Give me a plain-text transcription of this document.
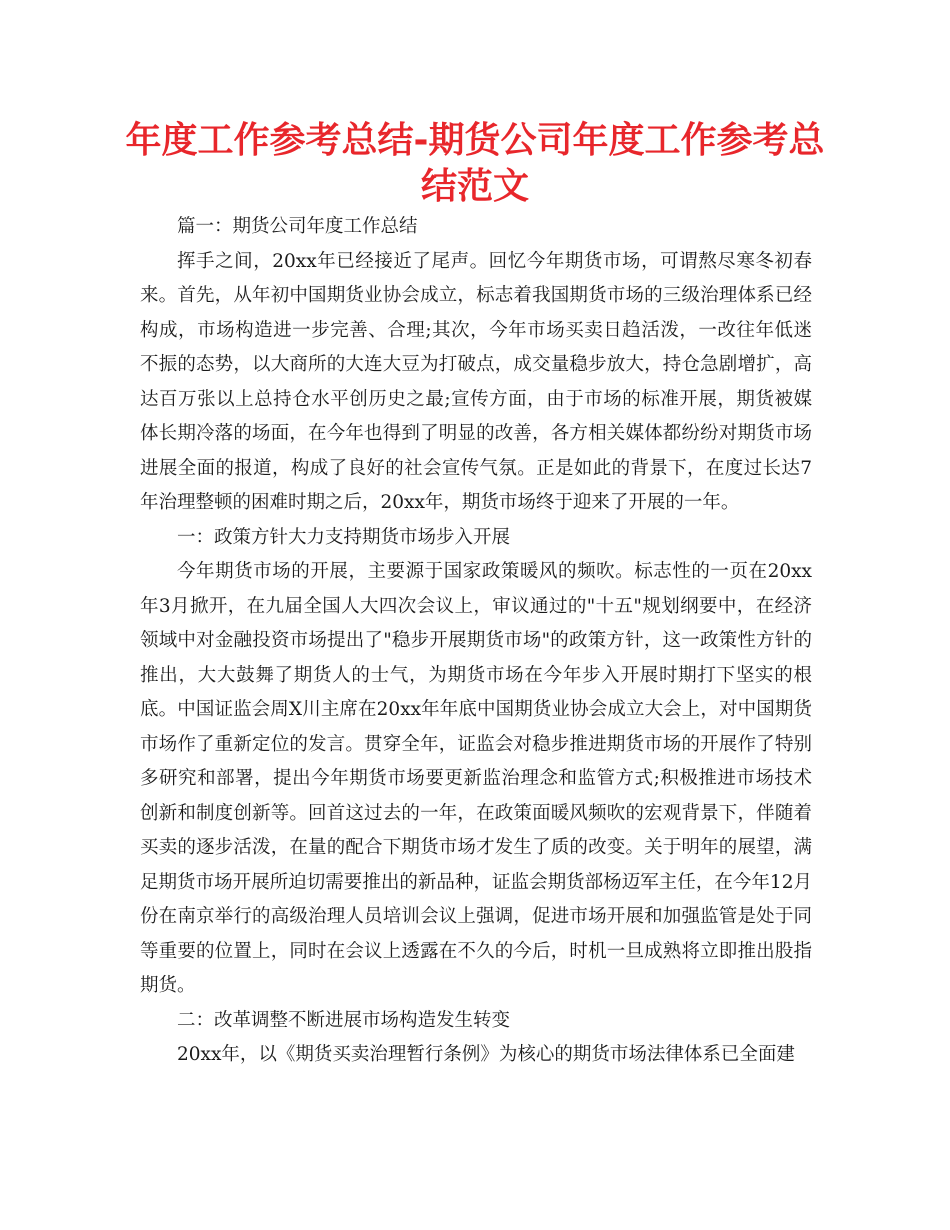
年度工作参考总结-期货公司年度工作参考总结范文

篇一：期货公司年度工作总结

挥手之间，20xx年已经接近了尾声。回忆今年期货市场，可谓熬尽寒冬初春来。首先，从年初中国期货业协会成立，标志着我国期货市场的三级治理体系已经构成，市场构造进一步完善、合理;其次，今年市场买卖日趋活泼，一改往年低迷不振的态势，以大商所的大连大豆为打破点，成交量稳步放大，持仓急剧增扩，高达百万张以上总持仓水平创历史之最;宣传方面，由于市场的标准开展，期货被媒体长期冷落的场面，在今年也得到了明显的改善，各方相关媒体都纷纷对期货市场进展全面的报道，构成了良好的社会宣传气氛。正是如此的背景下，在度过长达7年治理整顿的困难时期之后，20xx年，期货市场终于迎来了开展的一年。

一：政策方针大力支持期货市场步入开展

今年期货市场的开展，主要源于国家政策暖风的频吹。标志性的一页在20xx年3月掀开，在九届全国人大四次会议上，审议通过的"十五"规划纲要中，在经济领域中对金融投资市场提出了"稳步开展期货市场"的政策方针，这一政策性方针的推出，大大鼓舞了期货人的士气，为期货市场在今年步入开展时期打下坚实的根底。中国证监会周X川主席在20xx年年底中国期货业协会成立大会上，对中国期货市场作了重新定位的发言。贯穿全年，证监会对稳步推进期货市场的开展作了特别多研究和部署，提出今年期货市场要更新监治理念和监管方式;积极推进市场技术创新和制度创新等。回首这过去的一年，在政策面暖风频吹的宏观背景下，伴随着买卖的逐步活泼，在量的配合下期货市场才发生了质的改变。关于明年的展望，满足期货市场开展所迫切需要推出的新品种，证监会期货部杨迈军主任，在今年12月份在南京举行的高级治理人员培训会议上强调，促进市场开展和加强监管是处于同等重要的位置上，同时在会议上透露在不久的今后，时机一旦成熟将立即推出股指期货。

二：改革调整不断进展市场构造发生转变

20xx年，以《期货买卖治理暂行条例》为核心的期货市场法律体系已全面建
